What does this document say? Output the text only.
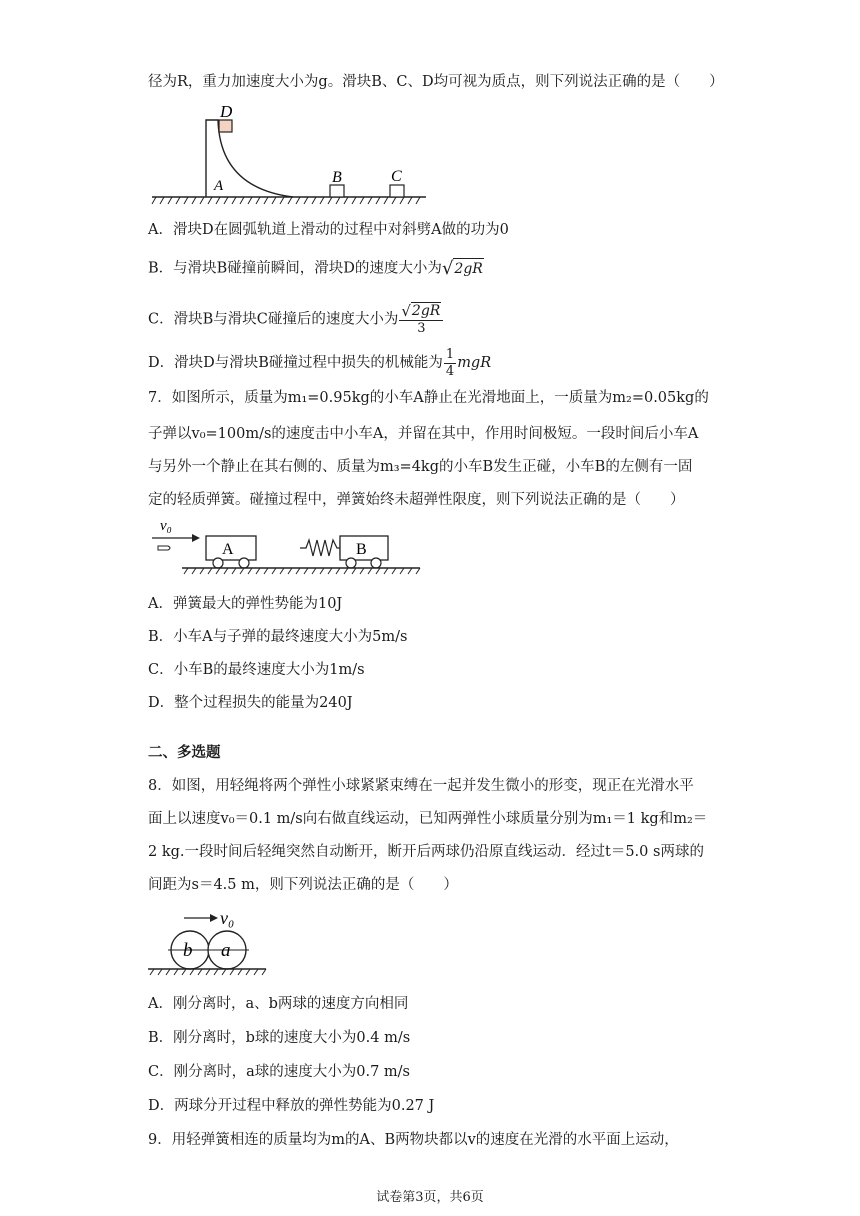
径为R，重力加速度大小为g。滑块B、C、D均可视为质点，则下列说法正确的是（　　）
D
A	B	C
A．滑块D在圆弧轨道上滑动的过程中对斜劈A做的功为0
B．与滑块B碰撞前瞬间，滑块D的速度大小为√2gR
C．滑块B与滑块C碰撞后的速度大小为 $\frac{√2gR}{3}$
D．滑块D与滑块B碰撞过程中损失的机械能为 $\frac{1}{4}$ mgR
7．如图所示，质量为m₁=0.95kg的小车A静止在光滑地面上，一质量为m₂=0.05kg的
子弹以v₀=100m/s的速度击中小车A，并留在其中，作用时间极短。一段时间后小车A
与另外一个静止在其右侧的、质量为m₃=4kg的小车B发生正碰，小车B的左侧有一固
定的轻质弹簧。碰撞过程中，弹簧始终未超弹性限度，则下列说法正确的是（　　）
v₀
A	B
A．弹簧最大的弹性势能为10J
B．小车A与子弹的最终速度大小为5m/s
C．小车B的最终速度大小为1m/s
D．整个过程损失的能量为240J
二、多选题
8．如图，用轻绳将两个弹性小球紧紧束缚在一起并发生微小的形变，现正在光滑水平
面上以速度v₀＝0.1 m/s向右做直线运动，已知两弹性小球质量分别为m₁＝1 kg和m₂＝
2 kg.一段时间后轻绳突然自动断开，断开后两球仍沿原直线运动．经过t＝5.0 s两球的
间距为s＝4.5 m，则下列说法正确的是（　　）
v₀
b a
A．刚分离时，a、b两球的速度方向相同
B．刚分离时，b球的速度大小为0.4 m/s
C．刚分离时，a球的速度大小为0.7 m/s
D．两球分开过程中释放的弹性势能为0.27 J
9．用轻弹簧相连的质量均为m的A、B两物块都以v的速度在光滑的水平面上运动，
试卷第3页，共6页
